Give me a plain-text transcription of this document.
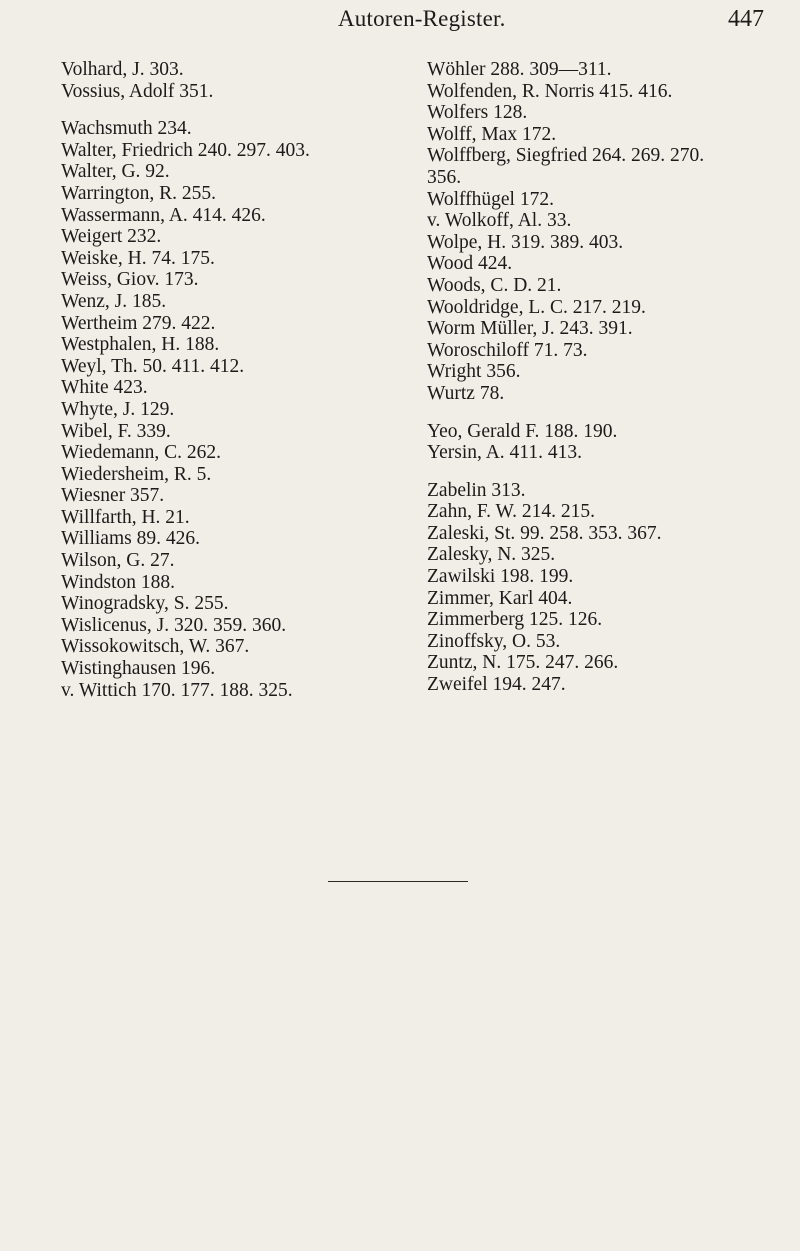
Autoren-Register.	447
Volhard, J. 303.
Vossius, Adolf 351.
Wachsmuth 234.
Walter, Friedrich 240. 297. 403.
Walter, G. 92.
Warrington, R. 255.
Wassermann, A. 414. 426.
Weigert 232.
Weiske, H. 74. 175.
Weiss, Giov. 173.
Wenz, J. 185.
Wertheim 279. 422.
Westphalen, H. 188.
Weyl, Th. 50. 411. 412.
White 423.
Whyte, J. 129.
Wibel, F. 339.
Wiedemann, C. 262.
Wiedersheim, R. 5.
Wiesner 357.
Willfarth, H. 21.
Williams 89. 426.
Wilson, G. 27.
Windston 188.
Winogradsky, S. 255.
Wislicenus, J. 320. 359. 360.
Wissokowitsch, W. 367.
Wistinghausen 196.
v. Wittich 170. 177. 188. 325.
Wöhler 288. 309—311.
Wolfenden, R. Norris 415. 416.
Wolfers 128.
Wolff, Max 172.
Wolffberg, Siegfried 264. 269. 270.
356.
Wolffhügel 172.
v. Wolkoff, Al. 33.
Wolpe, H. 319. 389. 403.
Wood 424.
Woods, C. D. 21.
Wooldridge, L. C. 217. 219.
Worm Müller, J. 243. 391.
Woroschiloff 71. 73.
Wright 356.
Wurtz 78.
Yeo, Gerald F. 188. 190.
Yersin, A. 411. 413.
Zabelin 313.
Zahn, F. W. 214. 215.
Zaleski, St. 99. 258. 353. 367.
Zalesky, N. 325.
Zawilski 198. 199.
Zimmer, Karl 404.
Zimmerberg 125. 126.
Zinoffsky, O. 53.
Zuntz, N. 175. 247. 266.
Zweifel 194. 247.
